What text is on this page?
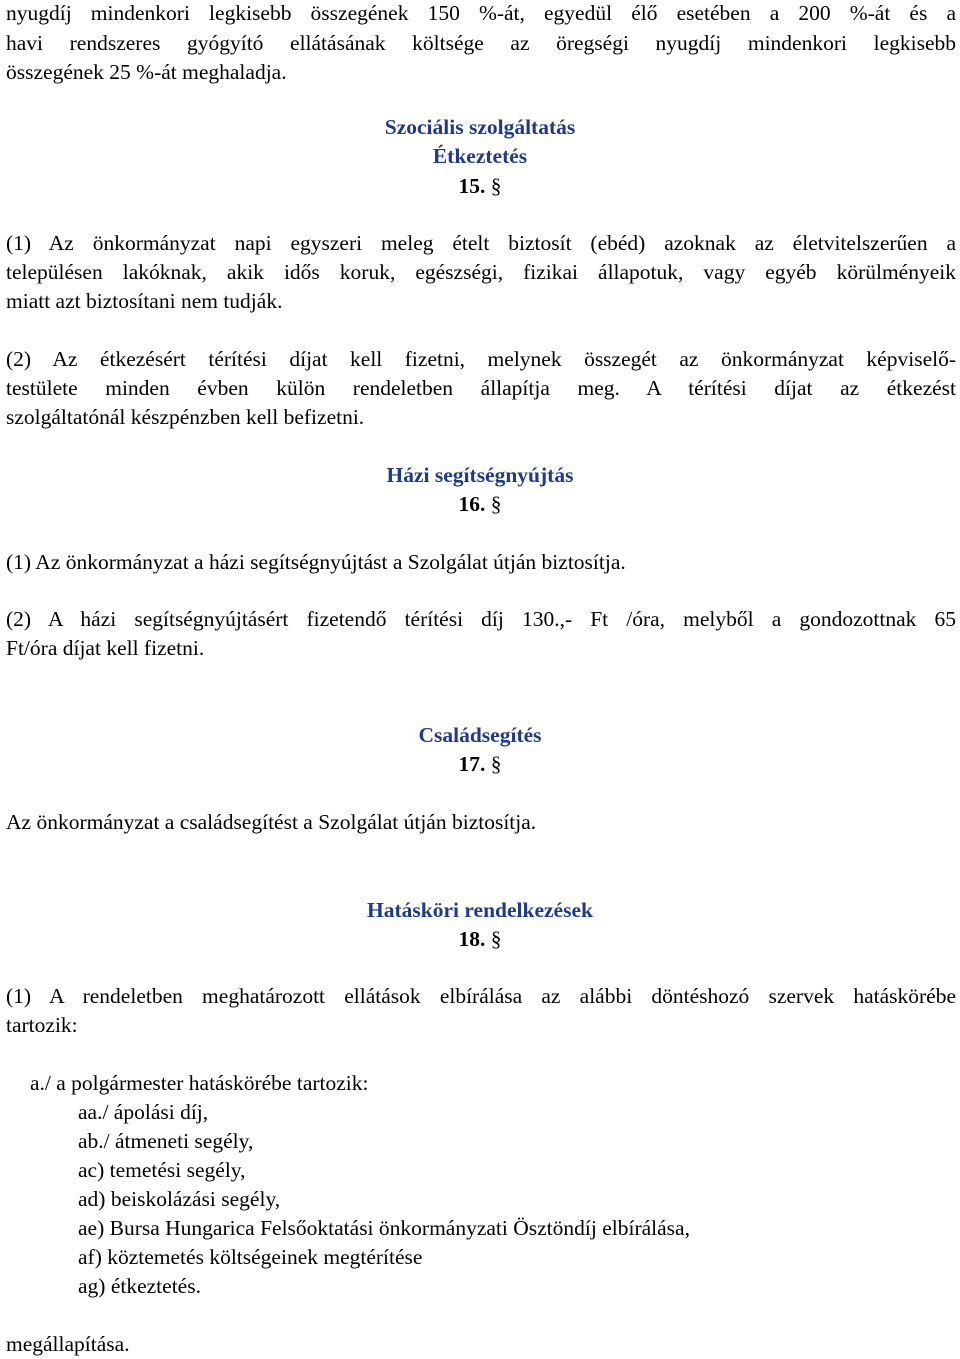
nyugdíj mindenkori legkisebb összegének 150 %-át, egyedül élő esetében a 200 %-át és a
havi rendszeres gyógyító ellátásának költsége az öregségi nyugdíj mindenkori legkisebb
összegének 25 %-át meghaladja.
Szociális szolgáltatás
Étkeztetés
15. §
(1) Az önkormányzat napi egyszeri meleg ételt biztosít (ebéd) azoknak az életvitelszerűen a
településen lakóknak, akik idős koruk, egészségi, fizikai állapotuk, vagy egyéb körülményeik
miatt azt biztosítani nem tudják.
(2) Az étkezésért térítési díjat kell fizetni, melynek összegét az önkormányzat képviselő-
testülete minden évben külön rendeletben állapítja meg. A térítési díjat az étkezést
szolgáltatónál készpénzben kell befizetni.
Házi segítségnyújtás
16. §
(1) Az önkormányzat a házi segítségnyújtást a Szolgálat útján biztosítja.
(2) A házi segítségnyújtásért fizetendő térítési díj 130.,- Ft /óra, melyből a gondozottnak 65
Ft/óra díjat kell fizetni.
Családsegítés
17. §
Az önkormányzat a családsegítést a Szolgálat útján biztosítja.
Hatásköri rendelkezések
18. §
(1) A rendeletben meghatározott ellátások elbírálása az alábbi döntéshozó szervek hatáskörébe
tartozik:
a./ a polgármester hatáskörébe tartozik:
aa./ ápolási díj,
ab./ átmeneti segély,
ac) temetési segély,
ad) beiskolázási segély,
ae) Bursa Hungarica Felsőoktatási önkormányzati Ösztöndíj elbírálása,
af) köztemetés költségeinek megtérítése
ag) étkeztetés.
megállapítása.
